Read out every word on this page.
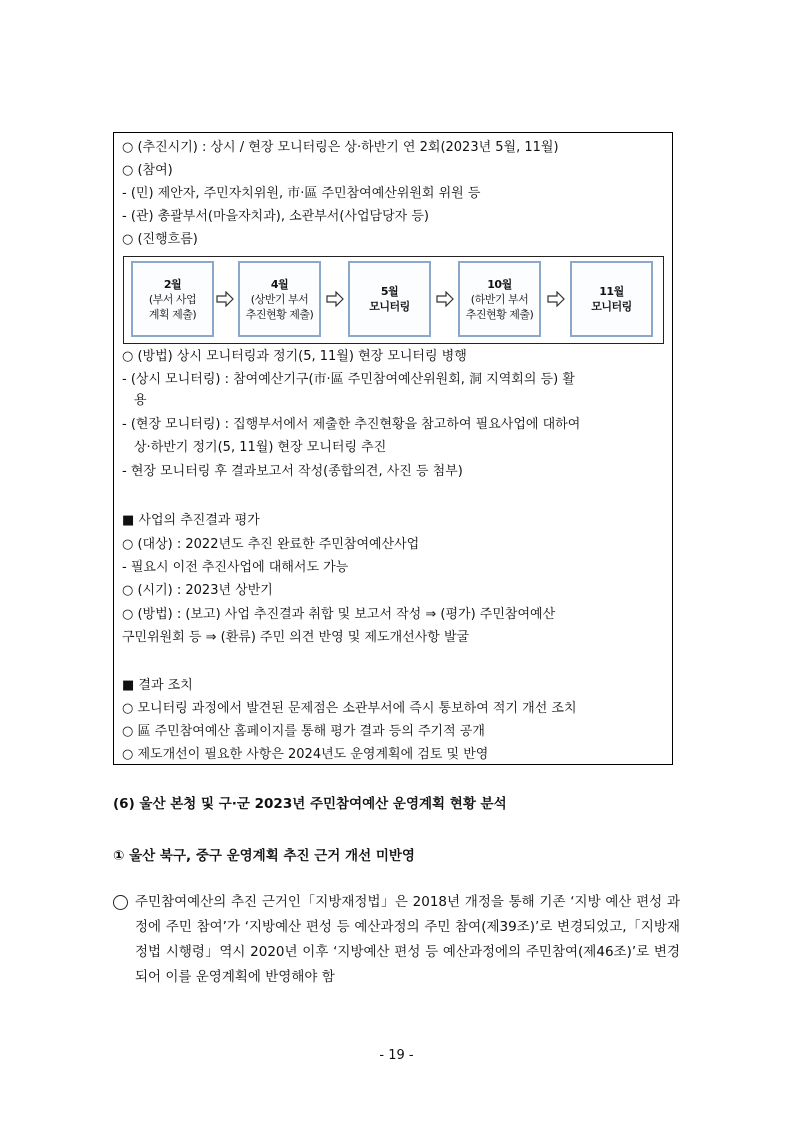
○ (추진시기) : 상시 / 현장 모니터링은 상·하반기 연 2회(2023년 5월, 11월)
○ (참여)
- (민) 제안자, 주민자치위원, 市·區 주민참여예산위원회 위원 등
- (관) 총괄부서(마을자치과), 소관부서(사업담당자 등)
○ (진행흐름)
2월
(부서 사업
계획 제출)
4월
(상반기 부서
추진현황 제출)
5월
모니터링
10월
(하반기 부서
추진현황 제출)
11월
모니터링
○ (방법) 상시 모니터링과 정기(5, 11월) 현장 모니터링 병행
- (상시 모니터링) : 참여예산기구(市·區 주민참여예산위원회, 洞 지역회의 등) 활
용
- (현장 모니터링) : 집행부서에서 제출한 추진현황을 참고하여 필요사업에 대하여
상·하반기 정기(5, 11월) 현장 모니터링 추진
- 현장 모니터링 후 결과보고서 작성(종합의견, 사진 등 첨부)
■ 사업의 추진결과 평가
○ (대상) : 2022년도 추진 완료한 주민참여예산사업
- 필요시 이전 추진사업에 대해서도 가능
○ (시기) : 2023년 상반기
○ (방법) : (보고) 사업 추진결과 취합 및 보고서 작성 ⇒ (평가) 주민참여예산
구민위원회 등 ⇒ (환류) 주민 의견 반영 및 제도개선사항 발굴
■ 결과 조치
○ 모니터링 과정에서 발견된 문제점은 소관부서에 즉시 통보하여 적기 개선 조치
○ 區 주민참여예산 홈페이지를 통해 평가 결과 등의 주기적 공개
○ 제도개선이 필요한 사항은 2024년도 운영계획에 검토 및 반영
(6) 울산 본청 및 구·군 2023년 주민참여예산 운영계획 현황 분석
① 울산 북구, 중구 운영계획 추진 근거 개선 미반영
주민참여예산의 추진 근거인「지방재정법」은 2018년 개정을 통해 기존 ‘지방 예산 편성 과정에 주민 참여’가 ‘지방예산 편성 등 예산과정의 주민 참여(제39조)’로 변경되었고,「지방재정법 시행령」역시 2020년 이후 ‘지방예산 편성 등 예산과정에의 주민참여(제46조)’로 변경되어 이를 운영계획에 반영해야 함
- 19 -
